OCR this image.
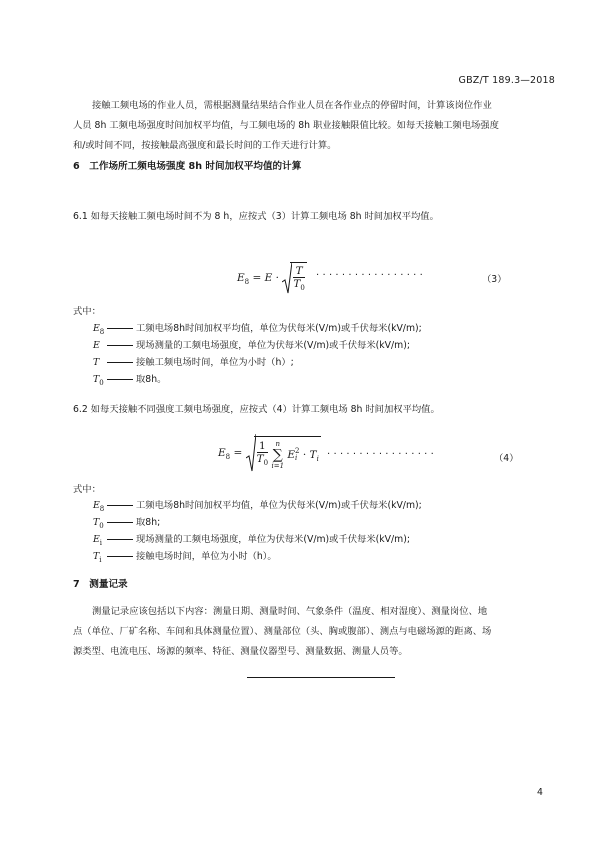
GBZ/T 189.3—2018
接触工频电场的作业人员，需根据测量结果结合作业人员在各作业点的停留时间，计算该岗位作业
人员 8h 工频电场强度时间加权平均值，与工频电场的 8h 职业接触限值比较。如每天接触工频电场强度
和/或时间不同，按接触最高强度和最长时间的工作天进行计算。
6　工作场所工频电场强度 8h 时间加权平均值的计算
6.1 如每天接触工频电场时间不为 8 h，应按式（3）计算工频电场 8h 时间加权平均值。
$E_8 = E \cdot \frac{T}{T_0}$ ·················	（3）
式中：
$E_8$	工频电场8h时间加权平均值，单位为伏每米(V/m)或千伏每米(kV/m);
E	现场测量的工频电场强度，单位为伏每米(V/m)或千伏每米(kV/m);
T	接触工频电场时间，单位为小时（h）;
$T_0$	取8h。
6.2 如每天接触不同强度工频电场强度，应按式（4）计算工频电场 8h 时间加权平均值。
$E_8 = \frac{1}{T_0}$
	n
∑
i=1
E 2
$i \cdot T_i$ ·················	（4）
式中：
$E_8$	工频电场8h时间加权平均值，单位为伏每米(V/m)或千伏每米(kV/m);
$T_0$	取8h;
$E_i$	现场测量的工频电场强度，单位为伏每米(V/m)或千伏每米(kV/m);
$T_i$	接触电场时间，单位为小时（h）。
7　测量记录
测量记录应该包括以下内容：测量日期、测量时间、气象条件（温度、相对湿度）、测量岗位、地
点（单位、厂矿名称、车间和具体测量位置）、测量部位（头、胸或腹部）、测点与电磁场源的距离、场
源类型、电流电压、场源的频率、特征、测量仪器型号、测量数据、测量人员等。
4
